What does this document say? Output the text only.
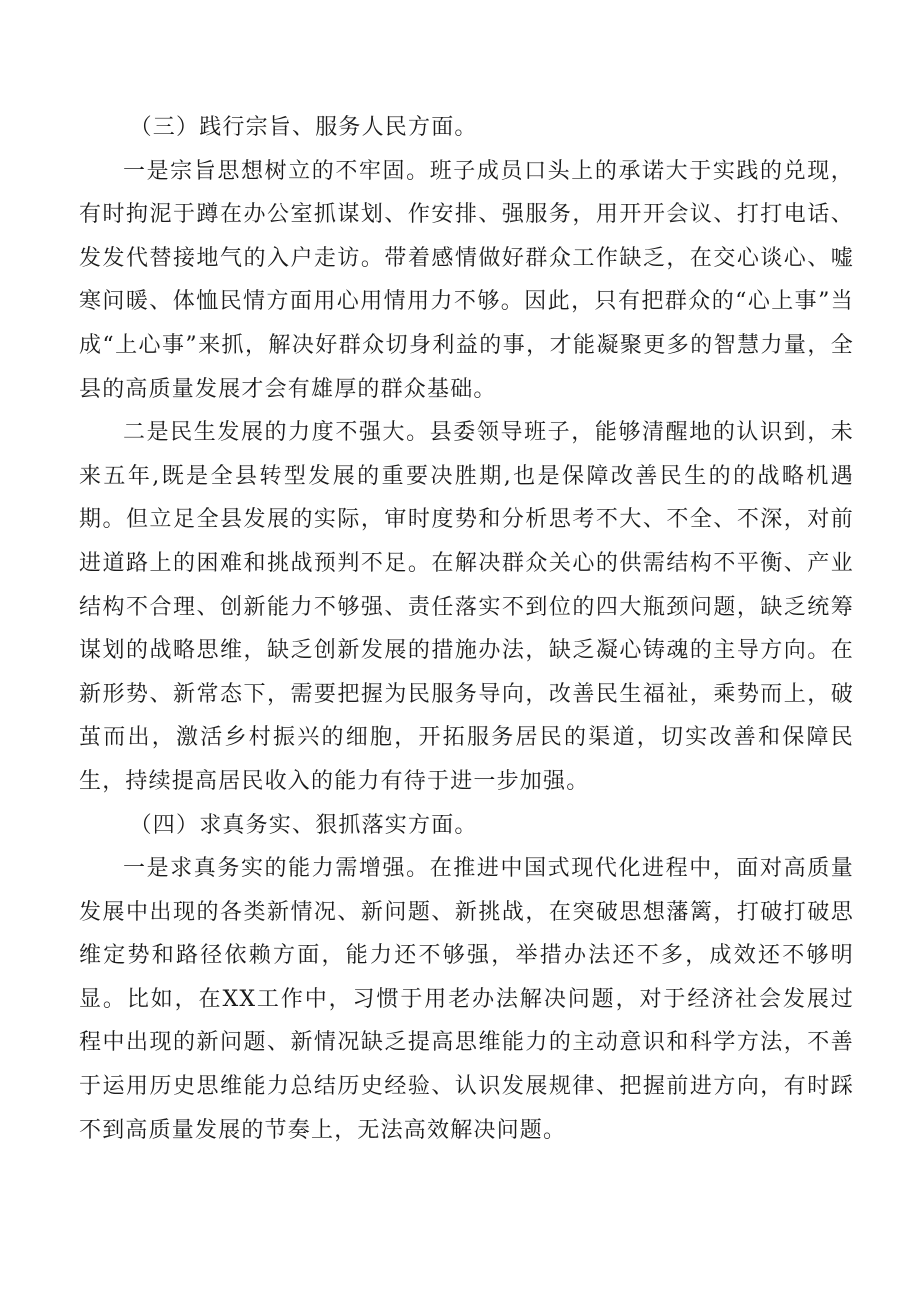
（三）践行宗旨、服务人民方面。

一是宗旨思想树立的不牢固。班子成员口头上的承诺大于实践的兑现，有时拘泥于蹲在办公室抓谋划、作安排、强服务，用开开会议、打打电话、发发代替接地气的入户走访。带着感情做好群众工作缺乏，在交心谈心、嘘寒问暖、体恤民情方面用心用情用力不够。因此，只有把群众的“心上事”当成“上心事”来抓，解决好群众切身利益的事，才能凝聚更多的智慧力量，全县的高质量发展才会有雄厚的群众基础。

二是民生发展的力度不强大。县委领导班子，能够清醒地的认识到，未来五年,既是全县转型发展的重要决胜期,也是保障改善民生的的战略机遇期。但立足全县发展的实际，审时度势和分析思考不大、不全、不深，对前进道路上的困难和挑战预判不足。在解决群众关心的供需结构不平衡、产业结构不合理、创新能力不够强、责任落实不到位的四大瓶颈问题，缺乏统筹谋划的战略思维，缺乏创新发展的措施办法，缺乏凝心铸魂的主导方向。在新形势、新常态下，需要把握为民服务导向，改善民生福祉，乘势而上，破茧而出，激活乡村振兴的细胞，开拓服务居民的渠道，切实改善和保障民生，持续提高居民收入的能力有待于进一步加强。

（四）求真务实、狠抓落实方面。

一是求真务实的能力需增强。在推进中国式现代化进程中，面对高质量发展中出现的各类新情况、新问题、新挑战，在突破思想藩篱，打破打破思维定势和路径依赖方面，能力还不够强，举措办法还不多，成效还不够明显。比如，在XX工作中，习惯于用老办法解决问题，对于经济社会发展过程中出现的新问题、新情况缺乏提高思维能力的主动意识和科学方法，不善于运用历史思维能力总结历史经验、认识发展规律、把握前进方向，有时踩不到高质量发展的节奏上，无法高效解决问题。
